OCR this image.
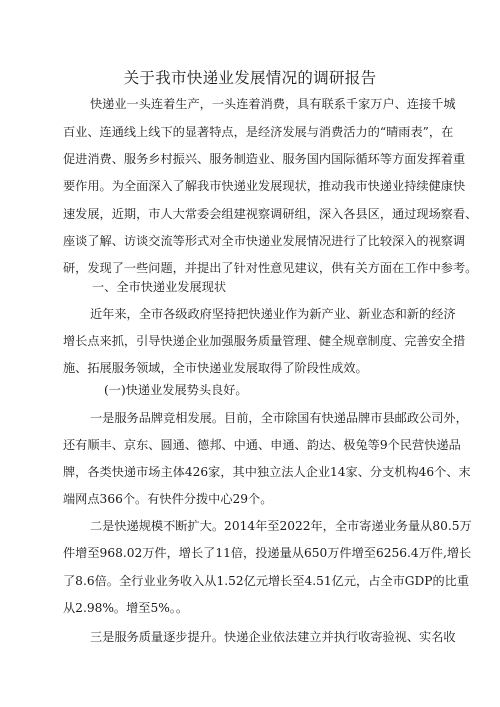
关于我市快递业发展情况的调研报告

快递业一头连着生产，一头连着消费，具有联系千家万户、连接千城

百业、连通线上线下的显著特点，是经济发展与消费活力的“晴雨表”，在

促进消费、服务乡村振兴、服务制造业、服务国内国际循环等方面发挥着重

要作用。为全面深入了解我市快递业发展现状，推动我市快递业持续健康快

速发展，近期，市人大常委会组建视察调研组，深入各县区，通过现场察看、

座谈了解、访谈交流等形式对全市快递业发展情况进行了比较深入的视察调

研，发现了一些问题，并提出了针对性意见建议，供有关方面在工作中参考。

一、全市快递业发展现状

近年来，全市各级政府坚持把快递业作为新产业、新业态和新的经济

增长点来抓，引导快递企业加强服务质量管理、健全规章制度、完善安全措

施、拓展服务领域，全市快递业发展取得了阶段性成效。

(一)快递业发展势头良好。

一是服务品牌竞相发展。目前，全市除国有快递品牌市县邮政公司外，

还有顺丰、京东、圆通、德邦、中通、申通、韵达、极兔等9个民营快递品

牌，各类快递市场主体426家，其中独立法人企业14家、分支机构46个、末

端网点366个。有快件分拨中心29个。

二是快递规模不断扩大。2014年至2022年，全市寄递业务量从80.5万

件增至968.02万件，增长了11倍，投递量从650万件增至6256.4万件,增长

了8.6倍。全行业业务收入从1.52亿元增长至4.51亿元，占全市GDP的比重

从2.98%。增至5%。。

三是服务质量逐步提升。快递企业依法建立并执行收寄验视、实名收
